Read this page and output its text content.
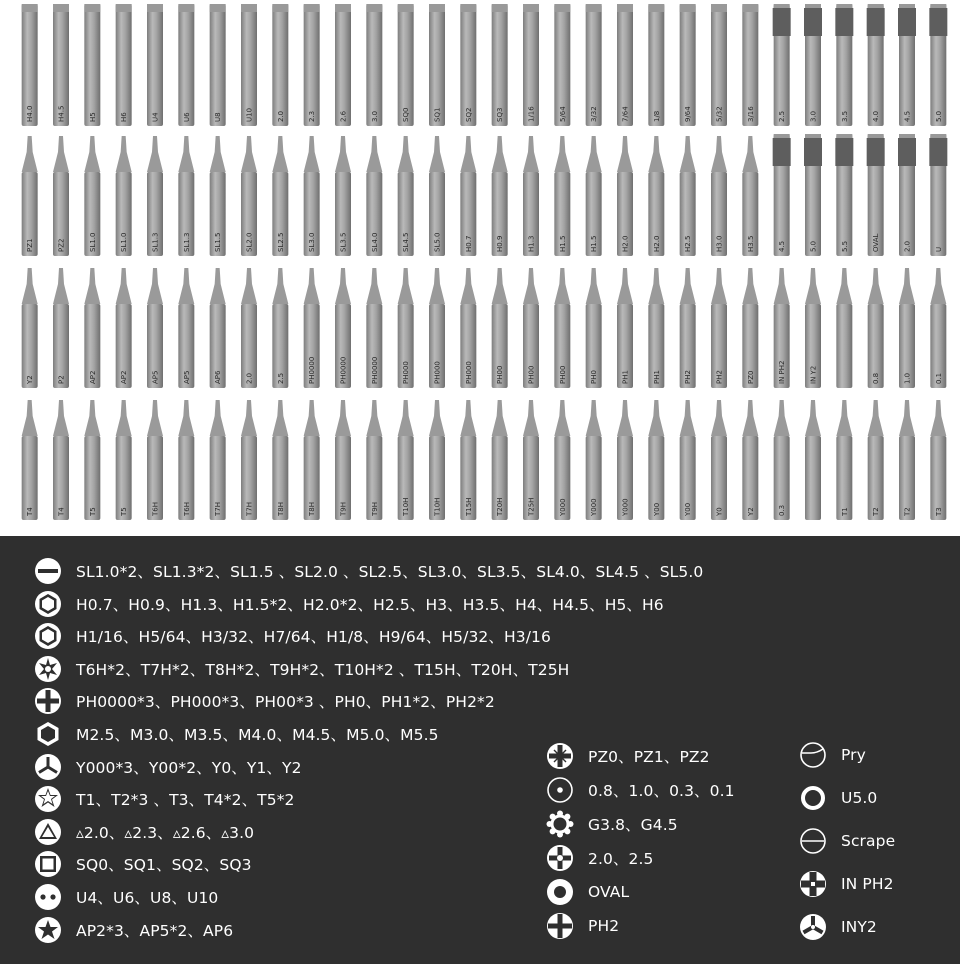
H4.0	H4.5	H5	H6	U4	U6	U8	U10	2.0	2.3	2.6	3.0	SQ0	SQ1	SQ2	SQ3	1/16	5/64	3/32	7/64	1/8	9/64	5/32	3/16	2.5	3.0	3.5	4.0	4.5	5.0
PZ1	PZ2	SL1.0	SL1.0	SL1.3	SL1.3	SL1.5	SL2.0	SL2.5	SL3.0	SL3.5	SL4.0	SL4.5	SL5.0	H0.7	H0.9	H1.3	H1.5	H1.5	H2.0	H2.0	H2.5	H3.0	H3.5	4.5	5.0	5.5	OVAL	2.0	U
Y2	P2	AP2	AP2	AP5	AP5	AP6	2.0	2.5	PH0000	PH0000	PH0000	PH000	PH000	PH000	PH00	PH00	PH00	PH0	PH1	PH1	PH2	PH2	PZ0	IN PH2	IN Y2	0.8	1.0	0.1
T4	T4	T5	T5	T6H	T6H	T7H	T7H	T8H	T8H	T9H	T9H	T10H	T10H	T15H	T20H	T25H	Y000	Y000	Y000	Y00	Y00	Y0	Y2	0.3	T1	T2	T2	T3
SL1.0*2、SL1.3*2、SL1.5 、SL2.0 、SL2.5、SL3.0、SL3.5、SL4.0、SL4.5 、SL5.0
H0.7、H0.9、H1.3、H1.5*2、H2.0*2、H2.5、H3、H3.5、H4、H4.5、H5、H6
H1/16、H5/64、H3/32、H7/64、H1/8、H9/64、H5/32、H3/16
T6H*2、T7H*2、T8H*2、T9H*2、T10H*2 、T15H、T20H、T25H
PH0000*3、PH000*3、PH00*3 、PH0、PH1*2、PH2*2
M2.5、M3.0、M3.5、M4.0、M4.5、M5.0、M5.5
Y000*3、Y00*2、Y0、Y1、Y2
T1、T2*3 、T3、T4*2、T5*2
▵2.0、▵2.3、▵2.6、▵3.0
SQ0、SQ1、SQ2、SQ3
U4、U6、U8、U10
AP2*3、AP5*2、AP6
PZ0、PZ1、PZ2
0.8、1.0、0.3、0.1
G3.8、G4.5
2.0、2.5
OVAL
PH2
Pry
U5.0
Scrape
IN PH2
INY2
